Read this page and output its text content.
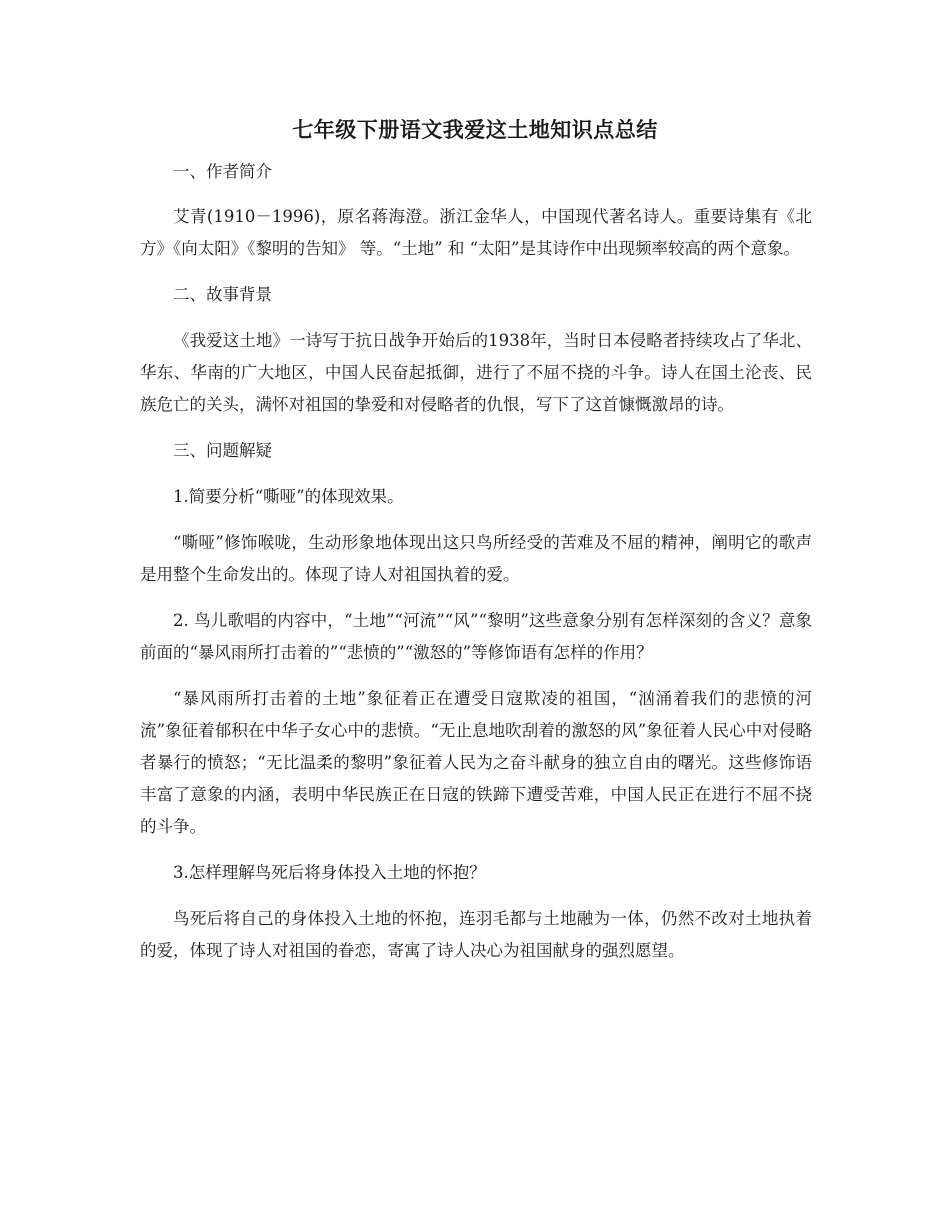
七年级下册语文我爱这土地知识点总结

一、作者简介

艾青(1910－1996)，原名蒋海澄。浙江金华人，中国现代著名诗人。重要诗集有《北方》《向太阳》《黎明的告知》 等。“土地” 和 “太阳”是其诗作中出现频率较高的两个意象。

二、故事背景

《我爱这土地》一诗写于抗日战争开始后的1938年，当时日本侵略者持续攻占了华北、华东、华南的广大地区，中国人民奋起抵御，进行了不屈不挠的斗争。诗人在国土沦丧、民族危亡的关头，满怀对祖国的挚爱和对侵略者的仇恨，写下了这首慷慨激昂的诗。

三、问题解疑

1.简要分析“嘶哑”的体现效果。

“嘶哑”修饰喉咙，生动形象地体现出这只鸟所经受的苦难及不屈的精神，阐明它的歌声是用整个生命发出的。体现了诗人对祖国执着的爱。

2. 鸟儿歌唱的内容中，“土地”“河流”“风”“黎明”这些意象分别有怎样深刻的含义？意象前面的“暴风雨所打击着的”“悲愤的”“激怒的”等修饰语有怎样的作用？

“暴风雨所打击着的土地”象征着正在遭受日寇欺凌的祖国，“汹涌着我们的悲愤的河流”象征着郁积在中华子女心中的悲愤。“无止息地吹刮着的激怒的风”象征着人民心中对侵略者暴行的愤怒；“无比温柔的黎明”象征着人民为之奋斗献身的独立自由的曙光。这些修饰语丰富了意象的内涵，表明中华民族正在日寇的铁蹄下遭受苦难，中国人民正在进行不屈不挠的斗争。

3.怎样理解鸟死后将身体投入土地的怀抱？

鸟死后将自己的身体投入土地的怀抱，连羽毛都与土地融为一体，仍然不改对土地执着的爱，体现了诗人对祖国的眷恋，寄寓了诗人决心为祖国献身的强烈愿望。
